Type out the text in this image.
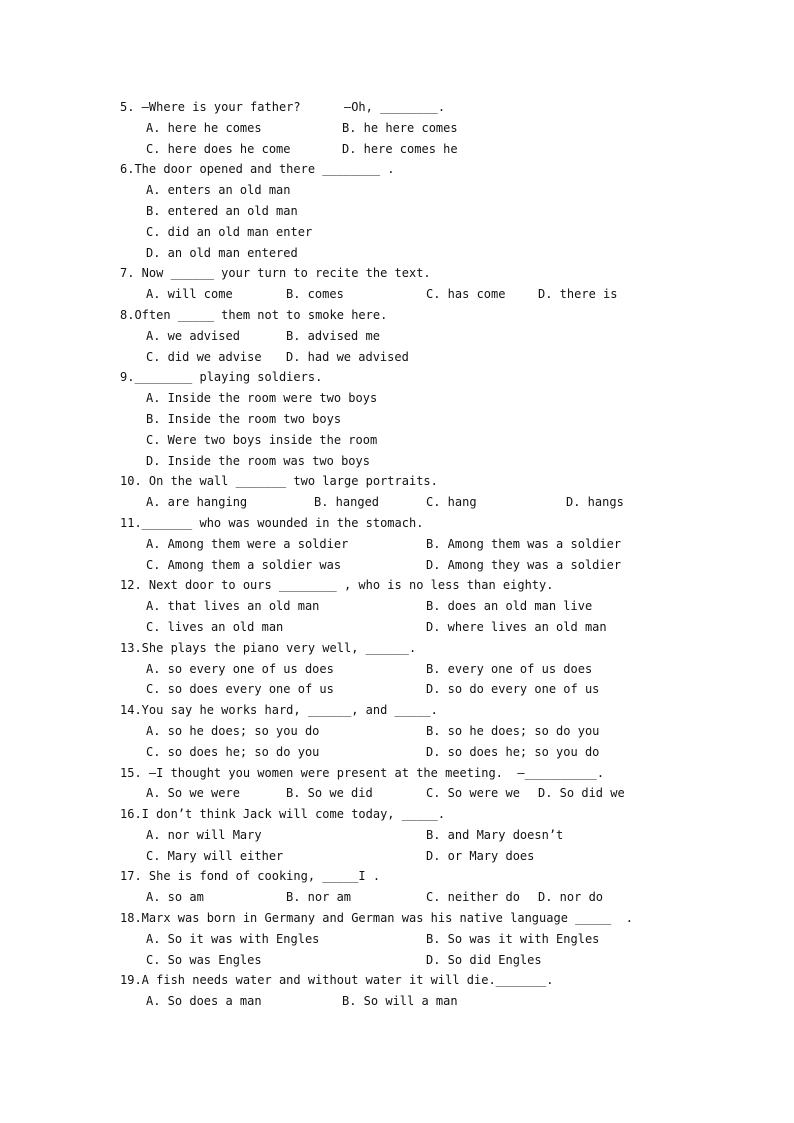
5. —Where is your father?      —Oh, ________.
A. here he comes	B. he here comes
C. here does he come	D. here comes he
6.The door opened and there ________ .
A. enters an old man
B. entered an old man
C. did an old man enter
D. an old man entered
7. Now ______ your turn to recite the text.
A. will come	B. comes	C. has come	D. there is
8.Often _____ them not to smoke here.
A. we advised	B. advised me
C. did we advise D. had we advised
9.________ playing soldiers.
A. Inside the room were two boys
B. Inside the room two boys
C. Were two boys inside the room
D. Inside the room was two boys
10. On the wall _______ two large portraits.
A. are hanging	B. hanged	C. hang	D. hangs
11._______ who was wounded in the stomach.
A. Among them were a soldier	B. Among them was a soldier
C. Among them a soldier was	D. Among they was a soldier
12. Next door to ours ________ , who is no less than eighty.
A. that lives an old man	B. does an old man live
C. lives an old man	D. where lives an old man
13.She plays the piano very well, ______.
A. so every one of us does	B. every one of us does
C. so does every one of us	D. so do every one of us
14.You say he works hard, ______, and _____.
A. so he does; so you do	B. so he does; so do you
C. so does he; so do you	D. so does he; so you do
15. —I thought you women were present at the meeting.  —__________.
A. So we were	B. So we did	C. So were we D. So did we
16.I don’t think Jack will come today, _____.
A. nor will Mary	B. and Mary doesn’t
C. Mary will either	D. or Mary does
17. She is fond of cooking, _____I .
A. so am	B. nor am	C. neither do D. nor do
18.Marx was born in Germany and German was his native language _____  .
A. So it was with Engles	B. So was it with Engles
C. So was Engles	D. So did Engles
19.A fish needs water and without water it will die._______.
A. So does a man	B. So will a man
